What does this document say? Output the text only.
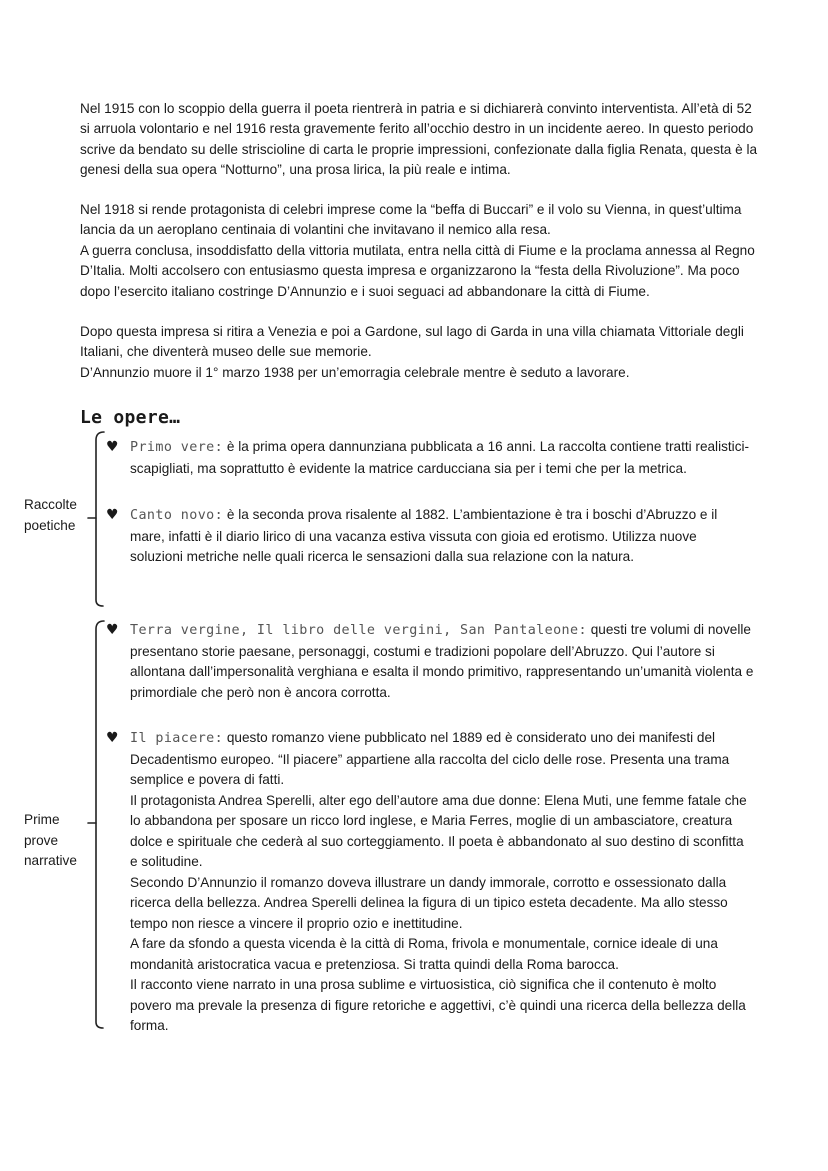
Nel 1915 con lo scoppio della guerra il poeta rientrerà in patria e si dichiarerà convinto interventista. All’età di 52 si arruola volontario e nel 1916 resta gravemente ferito all’occhio destro in un incidente aereo. In questo periodo scrive da bendato su delle striscioline di carta le proprie impressioni, confezionate dalla figlia Renata, questa è la genesi della sua opera “Notturno”, una prosa lirica, la più reale e intima.

Nel 1918 si rende protagonista di celebri imprese come la “beffa di Buccari” e il volo su Vienna, in quest’ultima lancia da un aeroplano centinaia di volantini che invitavano il nemico alla resa.

A guerra conclusa, insoddisfatto della vittoria mutilata, entra nella città di Fiume e la proclama annessa al Regno D’Italia. Molti accolsero con entusiasmo questa impresa e organizzarono la “festa della Rivoluzione”. Ma poco dopo l’esercito italiano costringe D’Annunzio e i suoi seguaci ad abbandonare la città di Fiume.

Dopo questa impresa si ritira a Venezia e poi a Gardone, sul lago di Garda in una villa chiamata Vittoriale degli Italiani, che diventerà museo delle sue memorie.

D’Annunzio muore il 1° marzo 1938 per un’emorragia celebrale mentre è seduto a lavorare.

Le opere…
Raccolte
poetiche
♥ Primo vere: è la prima opera dannunziana pubblicata a 16 anni. La raccolta contiene tratti realistici-scapigliati, ma soprattutto è evidente la matrice carducciana sia per i temi che per la metrica.

♥ Canto novo: è la seconda prova risalente al 1882. L’ambientazione è tra i boschi d’Abruzzo e il mare, infatti è il diario lirico di una vacanza estiva vissuta con gioia ed erotismo. Utilizza nuove soluzioni metriche nelle quali ricerca le sensazioni dalla sua relazione con la natura.

Prime
prove
narrative
♥ Terra vergine, Il libro delle vergini, San Pantaleone: questi tre volumi di novelle presentano storie paesane, personaggi, costumi e tradizioni popolare dell’Abruzzo. Qui l’autore si allontana dall’impersonalità verghiana e esalta il mondo primitivo, rappresentando un’umanità violenta e primordiale che però non è ancora corrotta.

♥ Il piacere: questo romanzo viene pubblicato nel 1889 ed è considerato uno dei manifesti del Decadentismo europeo. “Il piacere” appartiene alla raccolta del ciclo delle rose. Presenta una trama semplice e povera di fatti.
Il protagonista Andrea Sperelli, alter ego dell’autore ama due donne: Elena Muti, une femme fatale che lo abbandona per sposare un ricco lord inglese, e Maria Ferres, moglie di un ambasciatore, creatura dolce e spirituale che cederà al suo corteggiamento. Il poeta è abbandonato al suo destino di sconfitta e solitudine.
Secondo D’Annunzio il romanzo doveva illustrare un dandy immorale, corrotto e ossessionato dalla ricerca della bellezza. Andrea Sperelli delinea la figura di un tipico esteta decadente. Ma allo stesso tempo non riesce a vincere il proprio ozio e inettitudine.
A fare da sfondo a questa vicenda è la città di Roma, frivola e monumentale, cornice ideale di una mondanità aristocratica vacua e pretenziosa. Si tratta quindi della Roma barocca.
Il racconto viene narrato in una prosa sublime e virtuosistica, ciò significa che il contenuto è molto povero ma prevale la presenza di figure retoriche e aggettivi, c’è quindi una ricerca della bellezza della forma.
